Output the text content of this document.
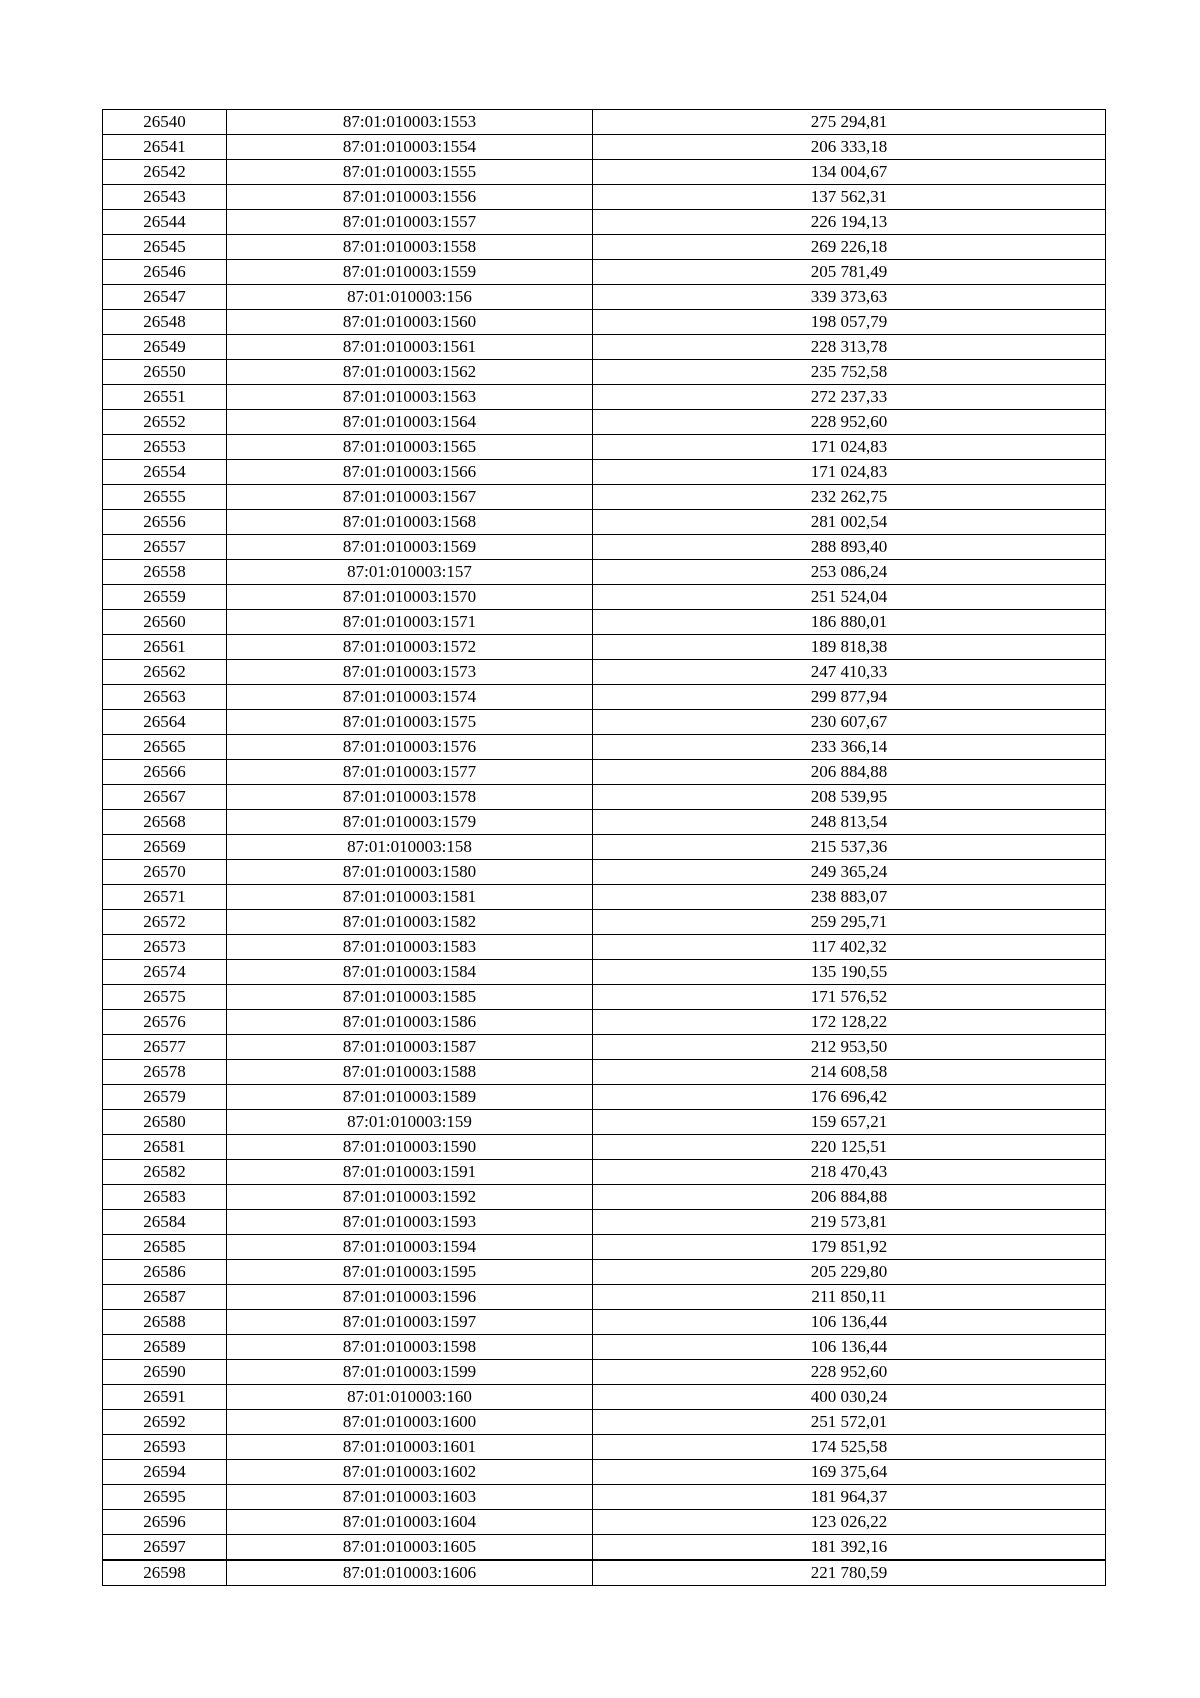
26540	87:01:010003:1553	275 294,81
26541	87:01:010003:1554	206 333,18
26542	87:01:010003:1555	134 004,67
26543	87:01:010003:1556	137 562,31
26544	87:01:010003:1557	226 194,13
26545	87:01:010003:1558	269 226,18
26546	87:01:010003:1559	205 781,49
26547	87:01:010003:156	339 373,63
26548	87:01:010003:1560	198 057,79
26549	87:01:010003:1561	228 313,78
26550	87:01:010003:1562	235 752,58
26551	87:01:010003:1563	272 237,33
26552	87:01:010003:1564	228 952,60
26553	87:01:010003:1565	171 024,83
26554	87:01:010003:1566	171 024,83
26555	87:01:010003:1567	232 262,75
26556	87:01:010003:1568	281 002,54
26557	87:01:010003:1569	288 893,40
26558	87:01:010003:157	253 086,24
26559	87:01:010003:1570	251 524,04
26560	87:01:010003:1571	186 880,01
26561	87:01:010003:1572	189 818,38
26562	87:01:010003:1573	247 410,33
26563	87:01:010003:1574	299 877,94
26564	87:01:010003:1575	230 607,67
26565	87:01:010003:1576	233 366,14
26566	87:01:010003:1577	206 884,88
26567	87:01:010003:1578	208 539,95
26568	87:01:010003:1579	248 813,54
26569	87:01:010003:158	215 537,36
26570	87:01:010003:1580	249 365,24
26571	87:01:010003:1581	238 883,07
26572	87:01:010003:1582	259 295,71
26573	87:01:010003:1583	117 402,32
26574	87:01:010003:1584	135 190,55
26575	87:01:010003:1585	171 576,52
26576	87:01:010003:1586	172 128,22
26577	87:01:010003:1587	212 953,50
26578	87:01:010003:1588	214 608,58
26579	87:01:010003:1589	176 696,42
26580	87:01:010003:159	159 657,21
26581	87:01:010003:1590	220 125,51
26582	87:01:010003:1591	218 470,43
26583	87:01:010003:1592	206 884,88
26584	87:01:010003:1593	219 573,81
26585	87:01:010003:1594	179 851,92
26586	87:01:010003:1595	205 229,80
26587	87:01:010003:1596	211 850,11
26588	87:01:010003:1597	106 136,44
26589	87:01:010003:1598	106 136,44
26590	87:01:010003:1599	228 952,60
26591	87:01:010003:160	400 030,24
26592	87:01:010003:1600	251 572,01
26593	87:01:010003:1601	174 525,58
26594	87:01:010003:1602	169 375,64
26595	87:01:010003:1603	181 964,37
26596	87:01:010003:1604	123 026,22
26597	87:01:010003:1605	181 392,16
26598	87:01:010003:1606	221 780,59
